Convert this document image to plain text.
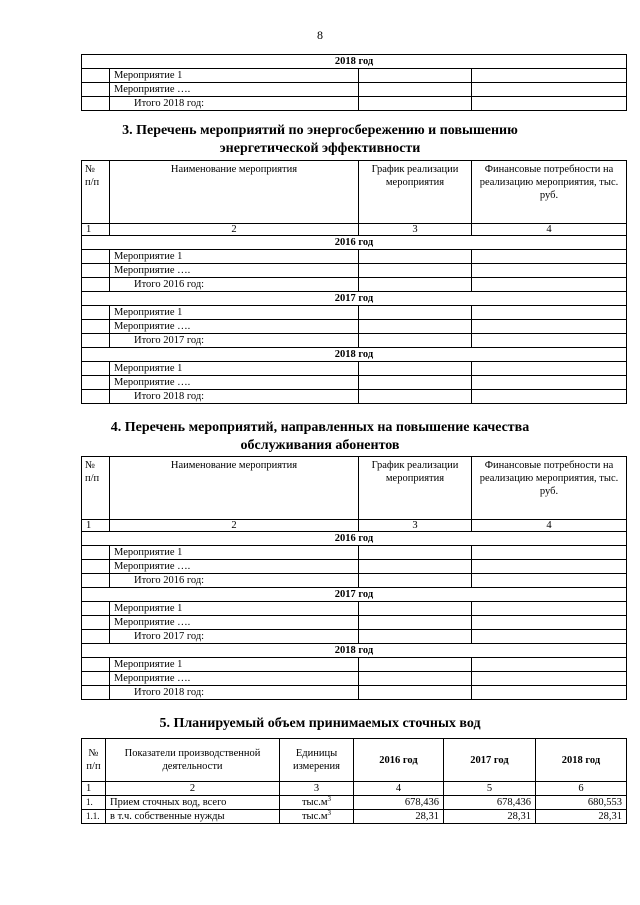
8
2018 год			
	Мероприятие 1		
	Мероприятие ….		
	Итого 2018 год:		
3. Перечень мероприятий по энергосбережению и повышению
энергетической эффективности
№ п/п	Наименование мероприятия	График реализации мероприятия	Финансовые потребности на реализацию мероприятия, тыс. руб.
1	2	3	4
2016 год			
	Мероприятие 1		
	Мероприятие ….		
	Итого 2016 год:		
2017 год			
	Мероприятие 1		
	Мероприятие ….		
	Итого 2017 год:		
2018 год			
	Мероприятие 1		
	Мероприятие ….		
	Итого 2018 год:		
4. Перечень мероприятий, направленных на повышение качества
обслуживания абонентов
№ п/п	Наименование мероприятия	График реализации мероприятия	Финансовые потребности на реализацию мероприятия, тыс. руб.
1	2	3	4
2016 год			
	Мероприятие 1		
	Мероприятие ….		
	Итого 2016 год:		
2017 год			
	Мероприятие 1		
	Мероприятие ….		
	Итого 2017 год:		
2018 год			
	Мероприятие 1		
	Мероприятие ….		
	Итого 2018 год:		
5. Планируемый объем принимаемых сточных вод
№ п/п	Показатели производственной деятельности	Единицы измерения	2016 год	2017 год	2018 год
1	2	3	4	5	6
1.	Прием сточных вод, всего	$тыс.м^3$	678,436	678,436	680,553
1.1.	в т.ч. собственные нужды	$тыс.м^3$	28,31	28,31	28,31
